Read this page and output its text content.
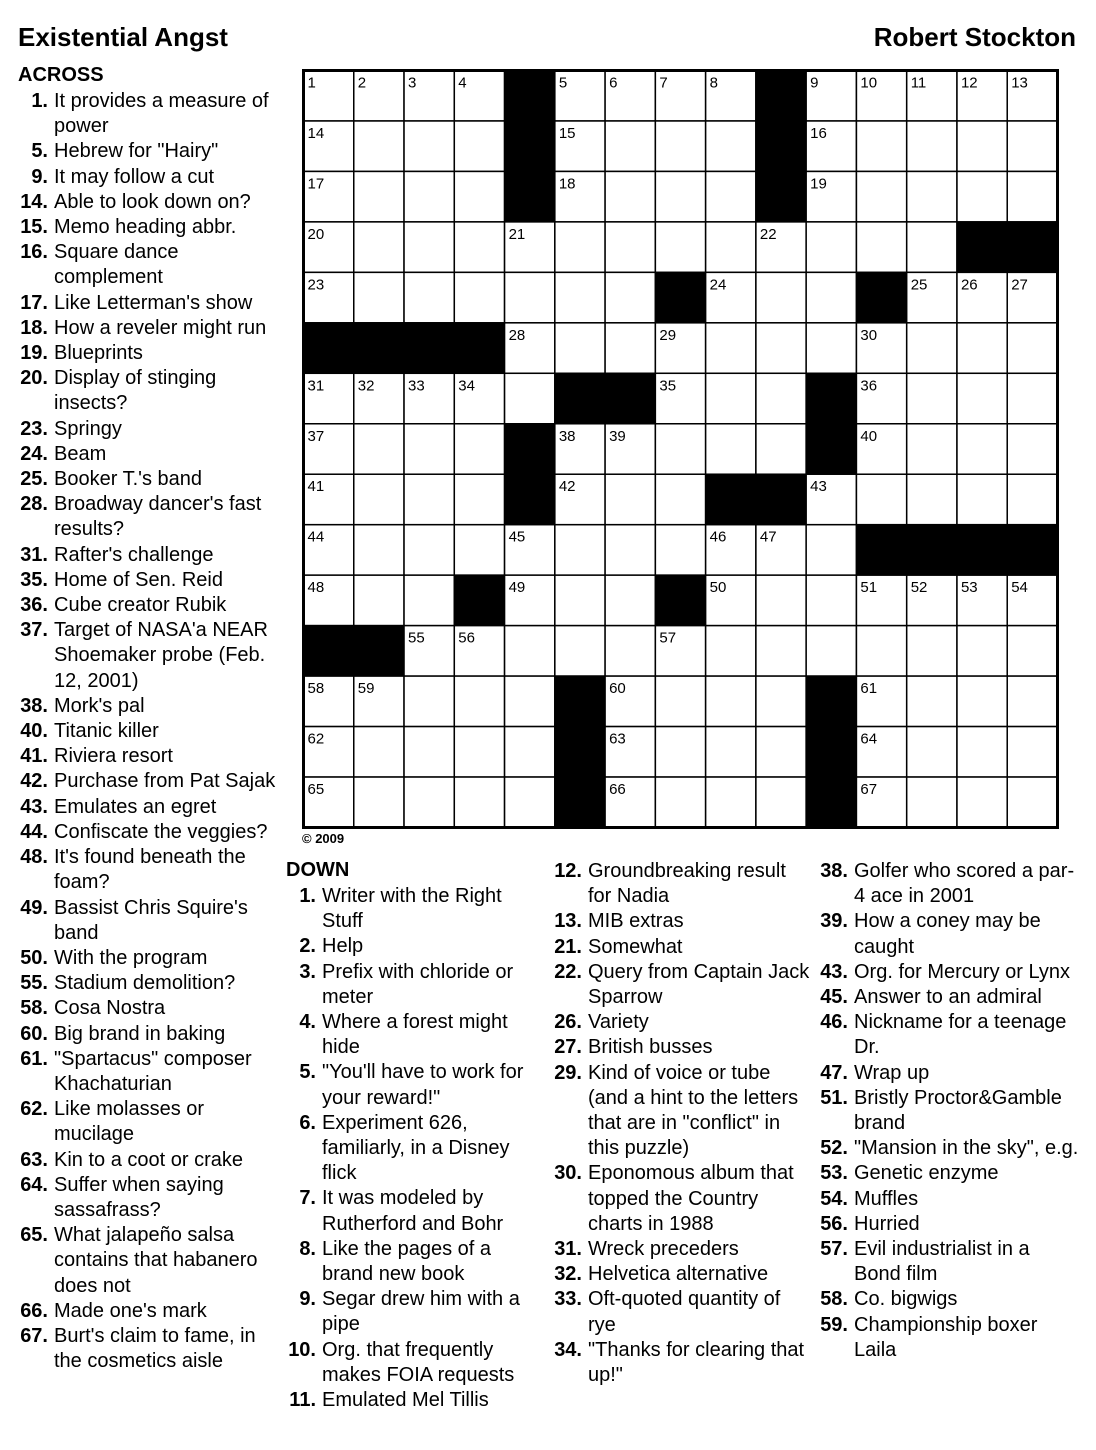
Existential Angst	Robert Stockton
ACROSS
1. It provides a measure of power
5. Hebrew for "Hairy"
9. It may follow a cut
14. Able to look down on?
15. Memo heading abbr.
16. Square dance complement
17. Like Letterman's show
18. How a reveler might run
19. Blueprints
20. Display of stinging insects?
23. Springy
24. Beam
25. Booker T.'s band
28. Broadway dancer's fast results?
31. Rafter's challenge
35. Home of Sen. Reid
36. Cube creator Rubik
37. Target of NASA'a NEAR Shoemaker probe (Feb. 12, 2001)
38. Mork's pal
40. Titanic killer
41. Riviera resort
42. Purchase from Pat Sajak
43. Emulates an egret
44. Confiscate the veggies?
48. It's found beneath the foam?
49. Bassist Chris Squire's band
50. With the program
55. Stadium demolition?
58. Cosa Nostra
60. Big brand in baking
61. "Spartacus" composer Khachaturian
62. Like molasses or mucilage
63. Kin to a coot or crake
64. Suffer when saying sassafrass?
65. What jalapeño salsa contains that habanero does not
66. Made one's mark
67. Burt's claim to fame, in the cosmetics aisle
1	2	3	4	5	6	7	8	9	10 11 12 13
14	15	16
17	18	19
20	21	22
23	24	25 26 27
28	29	30
31 32 33 34	35	36
37	38 39	40
41	42	43
44	45	46 47
48	49	50	51 52 53 54
55 56	57
58 59	60	61
62	63	64
65	66	67
© 2009
DOWN
1. Writer with the Right Stuff
2. Help
3. Prefix with chloride or meter
4. Where a forest might hide
5. "You'll have to work for your reward!"
6. Experiment 626, familiarly, in a Disney flick
7. It was modeled by Rutherford and Bohr
8. Like the pages of a brand new book
9. Segar drew him with a pipe
10. Org. that frequently makes FOIA requests
11. Emulated Mel Tillis
12. Groundbreaking result for Nadia
13. MIB extras
21. Somewhat
22. Query from Captain Jack Sparrow
26. Variety
27. British busses
29. Kind of voice or tube (and a hint to the letters that are in "conflict" in this puzzle)
30. Eponomous album that topped the Country charts in 1988
31. Wreck preceders
32. Helvetica alternative
33. Oft-quoted quantity of rye
34. "Thanks for clearing that up!"
38. Golfer who scored a par-4 ace in 2001
39. How a coney may be caught
43. Org. for Mercury or Lynx
45. Answer to an admiral
46. Nickname for a teenage Dr.
47. Wrap up
51. Bristly Proctor&Gamble brand
52. "Mansion in the sky", e.g.
53. Genetic enzyme
54. Muffles
56. Hurried
57. Evil industrialist in a Bond film
58. Co. bigwigs
59. Championship boxer Laila
